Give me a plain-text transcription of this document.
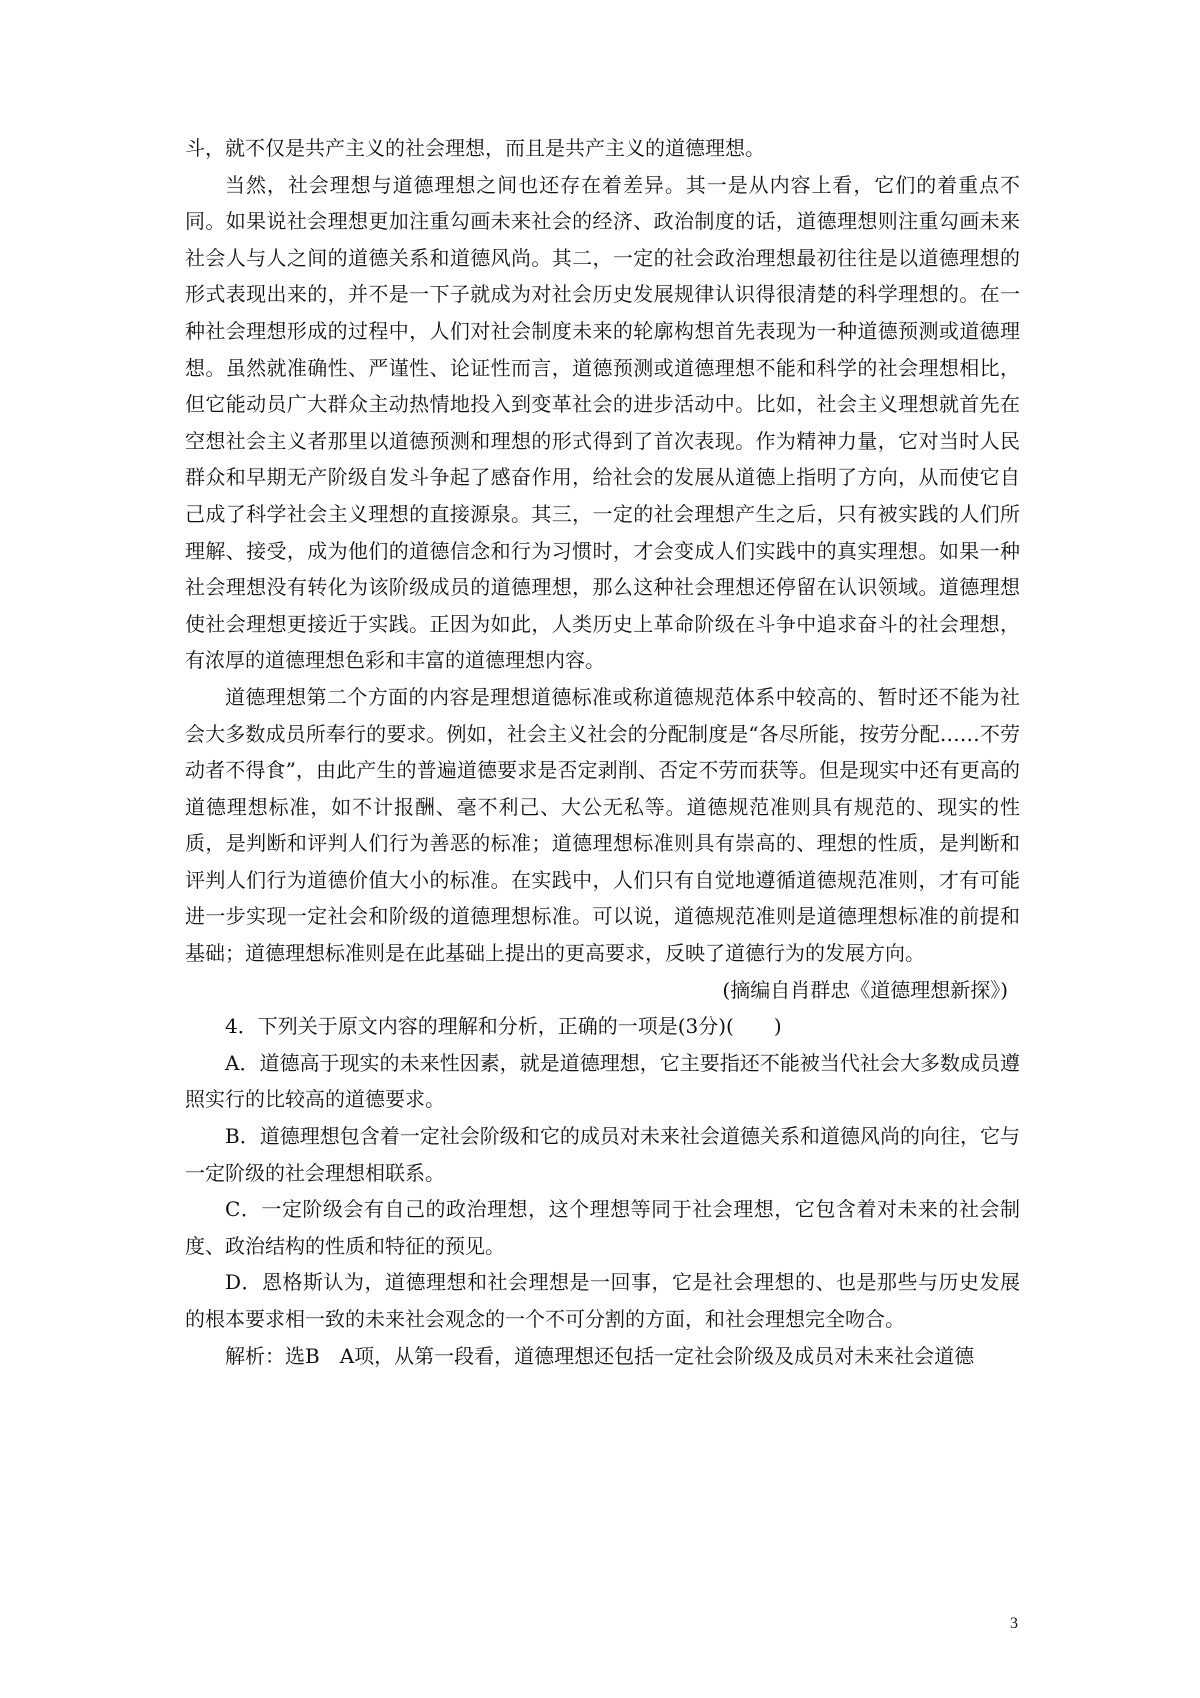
斗，就不仅是共产主义的社会理想，而且是共产主义的道德理想。

当然，社会理想与道德理想之间也还存在着差异。其一是从内容上看，它们的着重点不同。如果说社会理想更加注重勾画未来社会的经济、政治制度的话，道德理想则注重勾画未来社会人与人之间的道德关系和道德风尚。其二，一定的社会政治理想最初往往是以道德理想的形式表现出来的，并不是一下子就成为对社会历史发展规律认识得很清楚的科学理想的。在一种社会理想形成的过程中，人们对社会制度未来的轮廓构想首先表现为一种道德预测或道德理想。虽然就准确性、严谨性、论证性而言，道德预测或道德理想不能和科学的社会理想相比，但它能动员广大群众主动热情地投入到变革社会的进步活动中。比如，社会主义理想就首先在空想社会主义者那里以道德预测和理想的形式得到了首次表现。作为精神力量，它对当时人民群众和早期无产阶级自发斗争起了感奋作用，给社会的发展从道德上指明了方向，从而使它自己成了科学社会主义理想的直接源泉。其三，一定的社会理想产生之后，只有被实践的人们所理解、接受，成为他们的道德信念和行为习惯时，才会变成人们实践中的真实理想。如果一种社会理想没有转化为该阶级成员的道德理想，那么这种社会理想还停留在认识领域。道德理想使社会理想更接近于实践。正因为如此，人类历史上革命阶级在斗争中追求奋斗的社会理想，有浓厚的道德理想色彩和丰富的道德理想内容。

道德理想第二个方面的内容是理想道德标准或称道德规范体系中较高的、暂时还不能为社会大多数成员所奉行的要求。例如，社会主义社会的分配制度是“各尽所能，按劳分配……不劳动者不得食”，由此产生的普遍道德要求是否定剥削、否定不劳而获等。但是现实中还有更高的道德理想标准，如不计报酬、毫不利己、大公无私等。道德规范准则具有规范的、现实的性质，是判断和评判人们行为善恶的标准；道德理想标准则具有崇高的、理想的性质，是判断和评判人们行为道德价值大小的标准。在实践中，人们只有自觉地遵循道德规范准则，才有可能进一步实现一定社会和阶级的道德理想标准。可以说，道德规范准则是道德理想标准的前提和基础；道德理想标准则是在此基础上提出的更高要求，反映了道德行为的发展方向。

(摘编自肖群忠《道德理想新探》)

4．下列关于原文内容的理解和分析，正确的一项是(3分)(　　)

A．道德高于现实的未来性因素，就是道德理想，它主要指还不能被当代社会大多数成员遵照实行的比较高的道德要求。

B．道德理想包含着一定社会阶级和它的成员对未来社会道德关系和道德风尚的向往，它与一定阶级的社会理想相联系。

C．一定阶级会有自己的政治理想，这个理想等同于社会理想，它包含着对未来的社会制度、政治结构的性质和特征的预见。

D．恩格斯认为，道德理想和社会理想是一回事，它是社会理想的、也是那些与历史发展的根本要求相一致的未来社会观念的一个不可分割的方面，和社会理想完全吻合。

解析：选B　A项，从第一段看，道德理想还包括一定社会阶级及成员对未来社会道德

3
